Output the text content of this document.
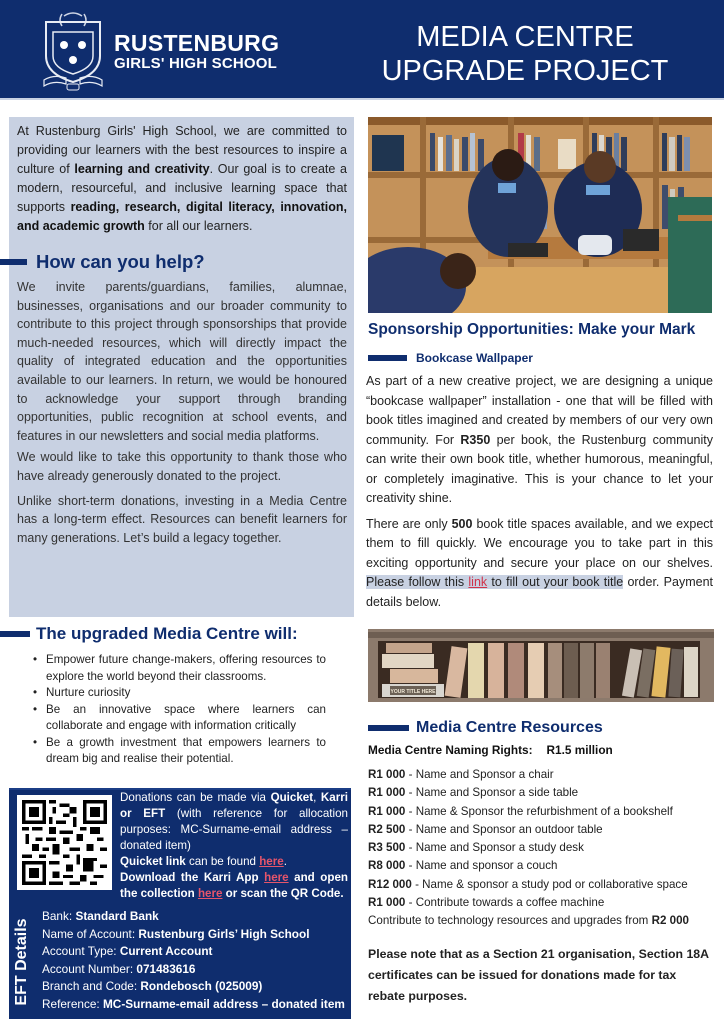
RUSTENBURG
GIRLS' HIGH SCHOOL
MEDIA CENTRE
UPGRADE PROJECT
At Rustenburg Girls' High School, we are committed to providing our learners with the best resources to inspire a culture of learning and creativity. Our goal is to create a modern, resourceful, and inclusive learning space that supports reading, research, digital literacy, innovation, and academic growth for all our learners.
How can you help?

We invite parents/guardians, families, alumnae, businesses, organisations and our broader community to contribute to this project through sponsorships that provide much-needed resources, which will directly impact the quality of integrated education and the opportunities available to our learners. In return, we would be honoured to acknowledge your support through branding opportunities, public recognition at school events, and features in our newsletters and social media platforms.

We would like to take this opportunity to thank those who have already generously donated to the project.

Unlike short-term donations, investing in a Media Centre has a long-term effect. Resources can benefit learners for many generations. Let’s build a legacy together.

The upgraded Media Centre will:
• Empower future change-makers, offering resources to explore the world beyond their classrooms.
• Nurture curiosity
• Be an innovative space where learners can collaborate and engage with information critically
• Be a growth investment that empowers learners to dream big and realise their potential.
Donations can be made via Quicket, Karri or EFT (with reference for allocation purposes: MC-Surname-email address – donated item)
Quicket link can be found here.
Download the Karri App here and open the collection here or scan the QR Code.
EFT Details
Bank: Standard Bank
Name of Account: Rustenburg Girls’ High School
Account Type: Current Account
Account Number: 071483616
Branch and Code: Rondebosch (025009)
Reference: MC-Surname-email address – donated item
Sponsorship Opportunities: Make your Mark
Bookcase Wallpaper

As part of a new creative project, we are designing a unique “bookcase wallpaper” installation - one that will be filled with book titles imagined and created by members of our very own community. For R350 per book, the Rustenburg community can write their own book title, whether humorous, meaningful, or completely imaginative. This is your chance to let your creativity shine.

There are only 500 book title spaces available, and we expect them to fill quickly. We encourage you to take part in this exciting opportunity and secure your place on our shelves. Please follow this link to fill out your book title order. Payment details below.

YOUR TITLE HERE
Media Centre Resources
Media Centre Naming Rights: R1.5 million
R1 000 - Name and Sponsor a chair
R1 000 - Name and Sponsor a side table
R1 000 - Name & Sponsor the refurbishment of a bookshelf
R2 500 - Name and Sponsor an outdoor table
R3 500 - Name and Sponsor a study desk
R8 000 - Name and sponsor a couch
R12 000 - Name & sponsor a study pod or collaborative space
R1 000 - Contribute towards a coffee machine
Contribute to technology resources and upgrades from R2 000
Please note that as a Section 21 organisation, Section 18A certificates can be issued for donations made for tax rebate purposes.
